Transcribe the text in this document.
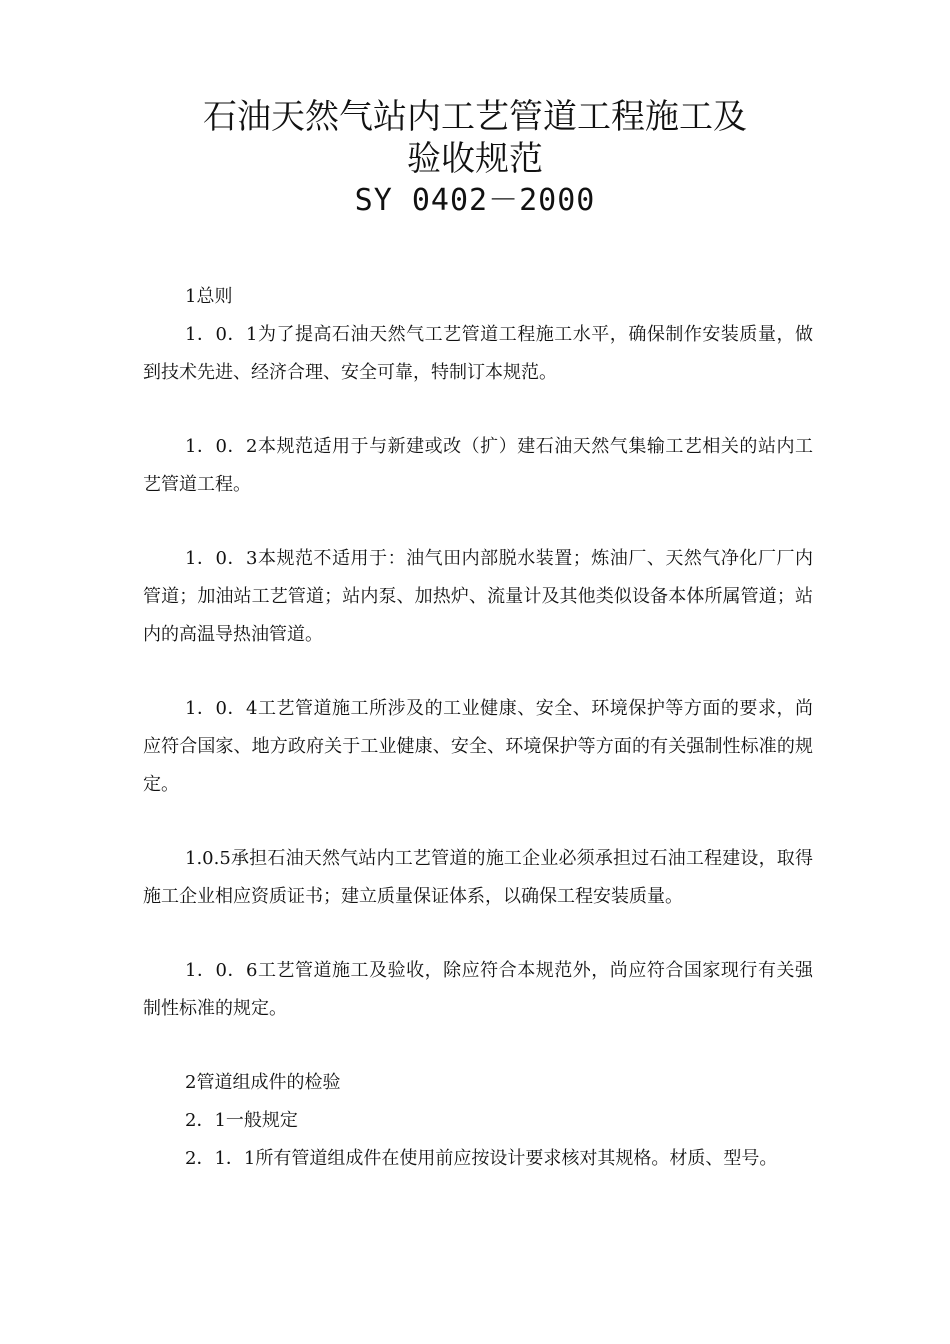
石油天然气站内工艺管道工程施工及
验收规范
SY 0402－2000

1总则

1．0．1为了提高石油天然气工艺管道工程施工水平，确保制作安装质量，做到技术先进、经济合理、安全可靠，特制订本规范。

1．0．2本规范适用于与新建或改（扩）建石油天然气集输工艺相关的站内工艺管道工程。

1．0．3本规范不适用于：油气田内部脱水装置；炼油厂、天然气净化厂厂内管道；加油站工艺管道；站内泵、加热炉、流量计及其他类似设备本体所属管道；站内的高温导热油管道。

1．0．4工艺管道施工所涉及的工业健康、安全、环境保护等方面的要求，尚应符合国家、地方政府关于工业健康、安全、环境保护等方面的有关强制性标准的规定。

1.0.5承担石油天然气站内工艺管道的施工企业必须承担过石油工程建设，取得施工企业相应资质证书；建立质量保证体系，以确保工程安装质量。

1．0．6工艺管道施工及验收，除应符合本规范外，尚应符合国家现行有关强制性标准的规定。

2管道组成件的检验

2．1一般规定

2．1．1所有管道组成件在使用前应按设计要求核对其规格。材质、型号。
